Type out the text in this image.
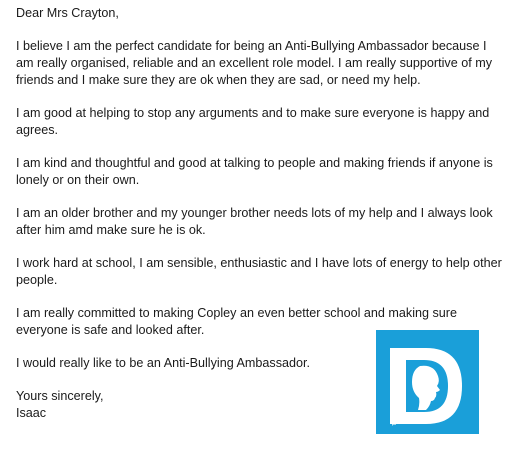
Dear Mrs Crayton,

I believe I am the perfect candidate for being an Anti-Bullying Ambassador because I am really organised, reliable and an excellent role model. I am really supportive of my friends and I make sure they are ok when they are sad, or need my help.

I am good at helping to stop any arguments and to make sure everyone is happy and agrees.

I am kind and thoughtful and good at talking to people and making friends if anyone is lonely or on their own.

I am an older brother and my younger brother needs lots of my help and I always look after him amd make sure he is ok.

I work hard at school, I am sensible, enthusiastic and I have lots of energy to help other people.

I am really committed to making Copley an even better school and making sure everyone is safe and looked after.

I would really like to be an Anti-Bullying Ambassador.

Yours sincerely,

Isaac	THE DIANA AWARD
